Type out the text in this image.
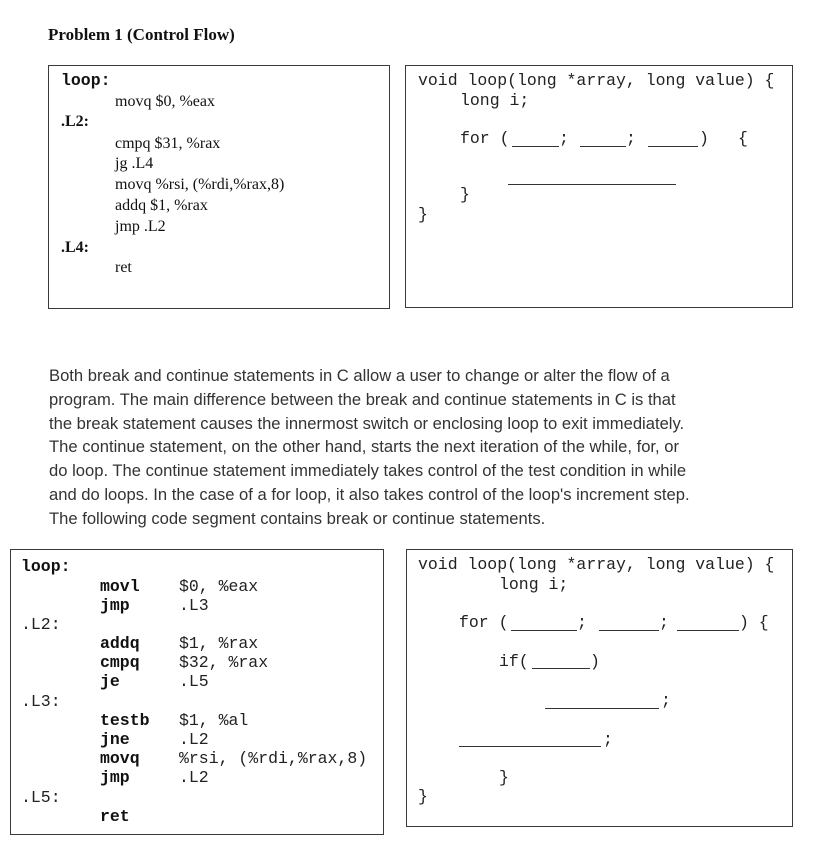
Problem 1 (Control Flow)
loop:
movq $0, %eax
.L2:
cmpq $31, %rax
jg .L4
movq %rsi, (%rdi,%rax,8)
addq $1, %rax
jmp .L2
.L4:
ret
void loop(long *array, long value) {
long i;
for (	;	;	) {
}
}
Both break and continue statements in C allow a user to change or alter the flow of a
program. The main difference between the break and continue statements in C is that
the break statement causes the innermost switch or enclosing loop to exit immediately.
The continue statement, on the other hand, starts the next iteration of the while, for, or
do loop. The continue statement immediately takes control of the test condition in while
and do loops. In the case of a for loop, it also takes control of the loop's increment step.
The following code segment contains break or continue statements.
loop:
movl $0, %eax
jmp	.L3
.L2:
addq $1, %rax
cmpq $32, %rax
je	.L5
.L3:
testb $1, %al
jne	.L2
movq %rsi, (%rdi,%rax,8)
jmp	.L2
.L5:
ret
void loop(long *array, long value) {
long i;
for (	;	;	) {
if(	)
;
;
}
}
